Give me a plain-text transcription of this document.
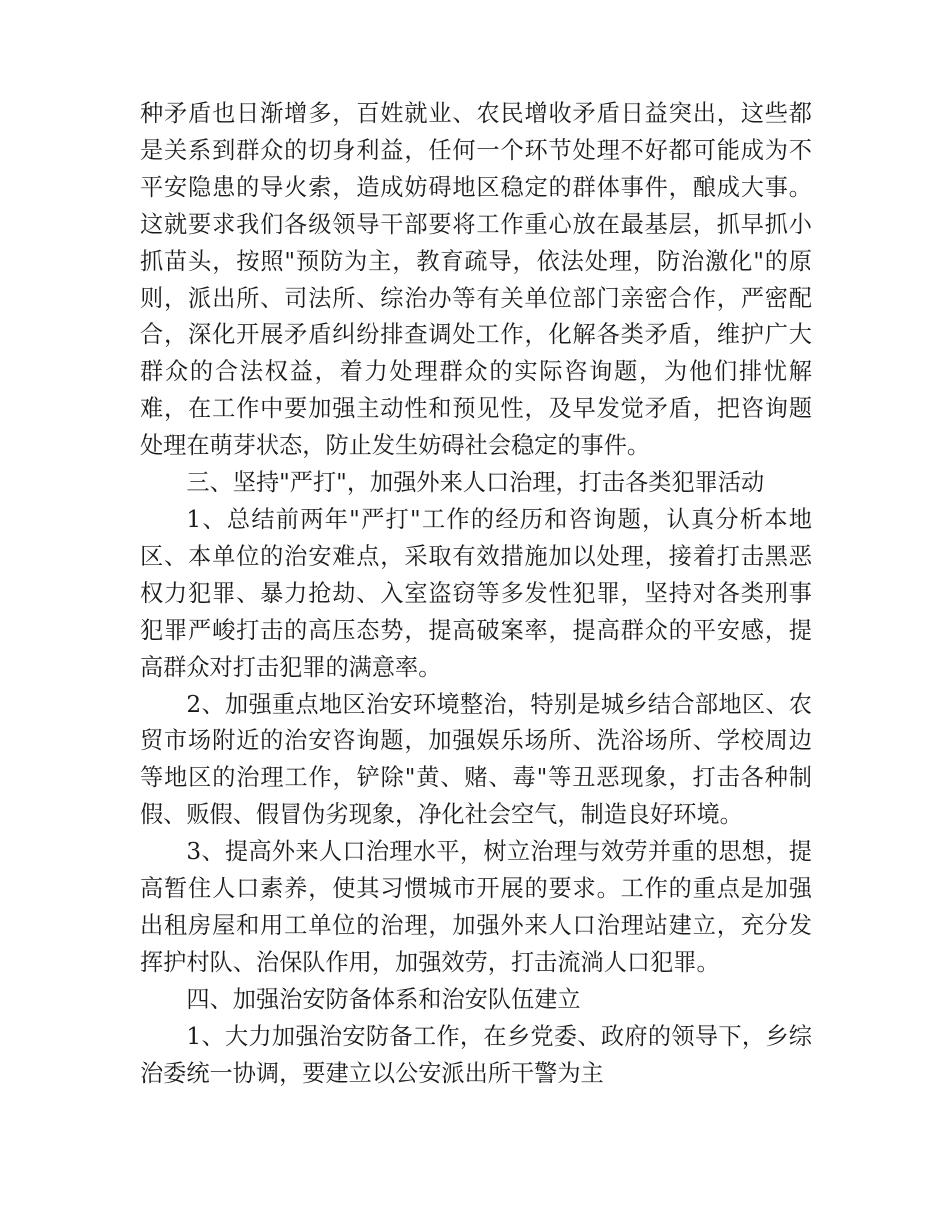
种矛盾也日渐增多，百姓就业、农民增收矛盾日益突出，这些都是关系到群众的切身利益，任何一个环节处理不好都可能成为不平安隐患的导火索，造成妨碍地区稳定的群体事件，酿成大事。这就要求我们各级领导干部要将工作重心放在最基层，抓早抓小抓苗头，按照"预防为主，教育疏导，依法处理，防治激化"的原则，派出所、司法所、综治办等有关单位部门亲密合作，严密配合，深化开展矛盾纠纷排查调处工作，化解各类矛盾，维护广大群众的合法权益，着力处理群众的实际咨询题，为他们排忧解难，在工作中要加强主动性和预见性，及早发觉矛盾，把咨询题处理在萌芽状态，防止发生妨碍社会稳定的事件。

三、坚持"严打"，加强外来人口治理，打击各类犯罪活动

1、总结前两年"严打"工作的经历和咨询题，认真分析本地区、本单位的治安难点，采取有效措施加以处理，接着打击黑恶权力犯罪、暴力抢劫、入室盗窃等多发性犯罪，坚持对各类刑事犯罪严峻打击的高压态势，提高破案率，提高群众的平安感，提高群众对打击犯罪的满意率。

2、加强重点地区治安环境整治，特别是城乡结合部地区、农贸市场附近的治安咨询题，加强娱乐场所、洗浴场所、学校周边等地区的治理工作，铲除"黄、赌、毒"等丑恶现象，打击各种制假、贩假、假冒伪劣现象，净化社会空气，制造良好环境。

3、提高外来人口治理水平，树立治理与效劳并重的思想，提高暂住人口素养，使其习惯城市开展的要求。工作的重点是加强出租房屋和用工单位的治理，加强外来人口治理站建立，充分发挥护村队、治保队作用，加强效劳，打击流淌人口犯罪。

四、加强治安防备体系和治安队伍建立

1、大力加强治安防备工作，在乡党委、政府的领导下，乡综治委统一协调，要建立以公安派出所干警为主
